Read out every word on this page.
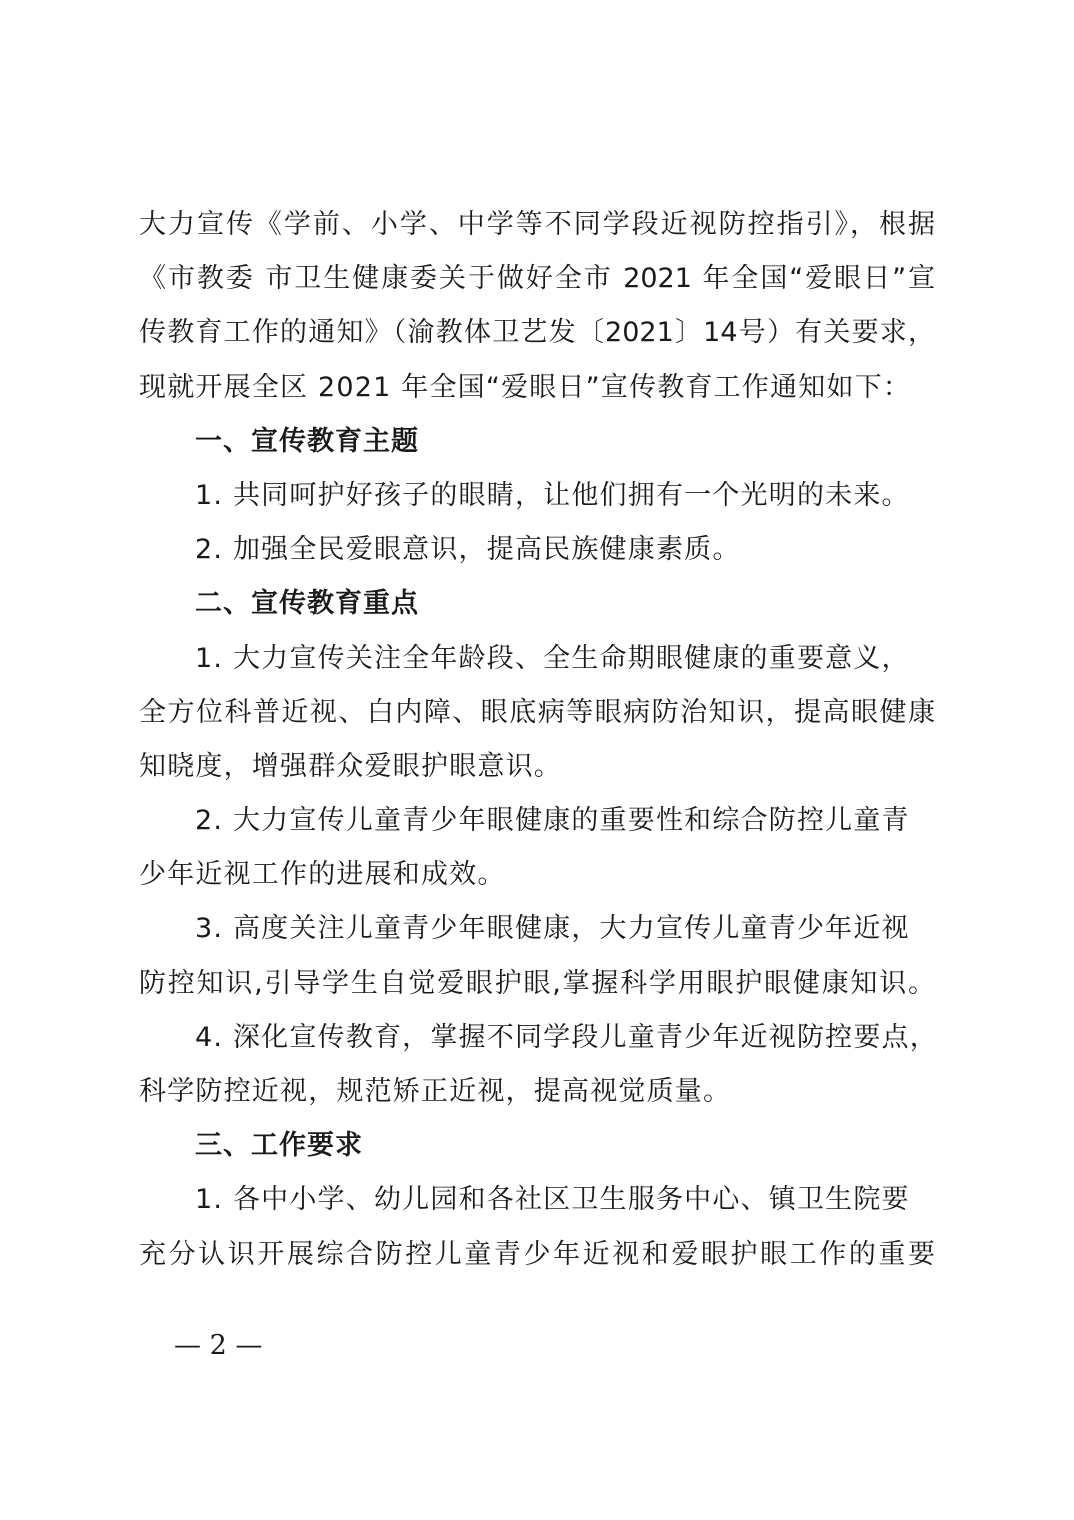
大力宣传《学前、小学、中学等不同学段近视防控指引》，根据
《市教委 市卫生健康委关于做好全市 2021 年全国“爱眼日”宣
传教育工作的通知》（渝教体卫艺发〔2021〕14号）有关要求，
现就开展全区 2021 年全国“爱眼日”宣传教育工作通知如下：
一、宣传教育主题
1. 共同呵护好孩子的眼睛，让他们拥有一个光明的未来。
2. 加强全民爱眼意识，提高民族健康素质。
二、宣传教育重点
1. 大力宣传关注全年龄段、全生命期眼健康的重要意义，
全方位科普近视、白内障、眼底病等眼病防治知识，提高眼健康
知晓度，增强群众爱眼护眼意识。
2. 大力宣传儿童青少年眼健康的重要性和综合防控儿童青
少年近视工作的进展和成效。
3. 高度关注儿童青少年眼健康，大力宣传儿童青少年近视
防控知识,引导学生自觉爱眼护眼,掌握科学用眼护眼健康知识。
4. 深化宣传教育，掌握不同学段儿童青少年近视防控要点，
科学防控近视，规范矫正近视，提高视觉质量。
三、工作要求
1. 各中小学、幼儿园和各社区卫生服务中心、镇卫生院要
充分认识开展综合防控儿童青少年近视和爱眼护眼工作的重要
— 2 —
